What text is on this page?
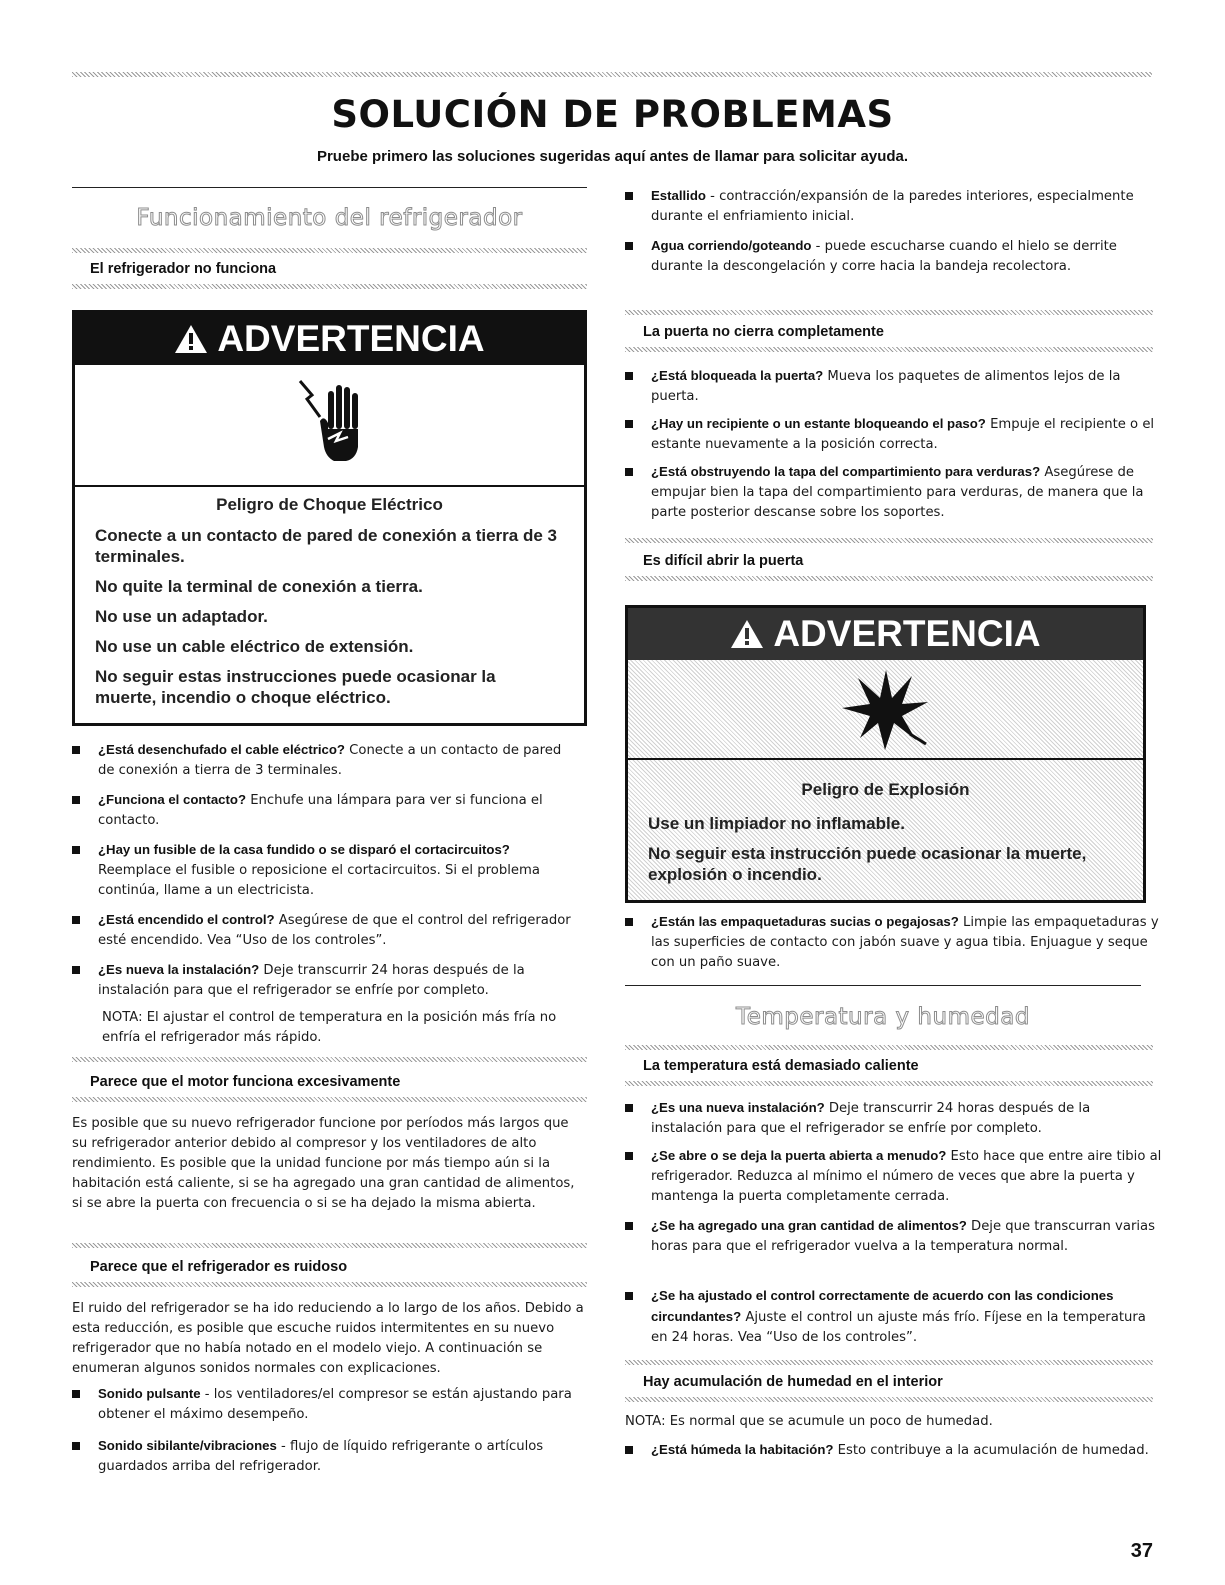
SOLUCIÓN DE PROBLEMAS
Pruebe primero las soluciones sugeridas aquí antes de llamar para solicitar ayuda.
Funcionamiento del refrigerador
El refrigerador no funciona
ADVERTENCIA
Peligro de Choque Eléctrico
Conecte a un contacto de pared de conexión a tierra de 3 terminales.
No quite la terminal de conexión a tierra.
No use un adaptador.
No use un cable eléctrico de extensión.
No seguir estas instrucciones puede ocasionar la muerte, incendio o choque eléctrico.
¿Está desenchufado el cable eléctrico? Conecte a un contacto de pared de conexión a tierra de 3 terminales.
¿Funciona el contacto? Enchufe una lámpara para ver si funciona el contacto.
¿Hay un fusible de la casa fundido o se disparó el cortacircuitos? Reemplace el fusible o reposicione el cortacircuitos. Si el problema continúa, llame a un electricista.
¿Está encendido el control? Asegúrese de que el control del refrigerador esté encendido. Vea “Uso de los controles”.
¿Es nueva la instalación? Deje transcurrir 24 horas después de la instalación para que el refrigerador se enfríe por completo.
NOTA: El ajustar el control de temperatura en la posición más fría no enfría el refrigerador más rápido.
Parece que el motor funciona excesivamente
Es posible que su nuevo refrigerador funcione por períodos más largos que su refrigerador anterior debido al compresor y los ventiladores de alto rendimiento. Es posible que la unidad funcione por más tiempo aún si la habitación está caliente, si se ha agregado una gran cantidad de alimentos, si se abre la puerta con frecuencia o si se ha dejado la misma abierta.
Parece que el refrigerador es ruidoso
El ruido del refrigerador se ha ido reduciendo a lo largo de los años. Debido a esta reducción, es posible que escuche ruidos intermitentes en su nuevo refrigerador que no había notado en el modelo viejo. A continuación se enumeran algunos sonidos normales con explicaciones.
Sonido pulsante - los ventiladores/el compresor se están ajustando para obtener el máximo desempeño.
Sonido sibilante/vibraciones - flujo de líquido refrigerante o artículos guardados arriba del refrigerador.
Estallido - contracción/expansión de la paredes interiores, especialmente durante el enfriamiento inicial.
Agua corriendo/goteando - puede escucharse cuando el hielo se derrite durante la descongelación y corre hacia la bandeja recolectora.
La puerta no cierra completamente
¿Está bloqueada la puerta? Mueva los paquetes de alimentos lejos de la puerta.
¿Hay un recipiente o un estante bloqueando el paso? Empuje el recipiente o el estante nuevamente a la posición correcta.
¿Está obstruyendo la tapa del compartimiento para verduras? Asegúrese de empujar bien la tapa del compartimiento para verduras, de manera que la parte posterior descanse sobre los soportes.
Es difícil abrir la puerta
ADVERTENCIA
Peligro de Explosión
Use un limpiador no inflamable.
No seguir esta instrucción puede ocasionar la muerte, explosión o incendio.
¿Están las empaquetaduras sucias o pegajosas? Limpie las empaquetaduras y las superficies de contacto con jabón suave y agua tibia. Enjuague y seque con un paño suave.
Temperatura y humedad
La temperatura está demasiado caliente
¿Es una nueva instalación? Deje transcurrir 24 horas después de la instalación para que el refrigerador se enfríe por completo.
¿Se abre o se deja la puerta abierta a menudo? Esto hace que entre aire tibio al refrigerador. Reduzca al mínimo el número de veces que abre la puerta y mantenga la puerta completamente cerrada.
¿Se ha agregado una gran cantidad de alimentos? Deje que transcurran varias horas para que el refrigerador vuelva a la temperatura normal.
¿Se ha ajustado el control correctamente de acuerdo con las condiciones circundantes? Ajuste el control un ajuste más frío. Fíjese en la temperatura en 24 horas. Vea “Uso de los controles”.
Hay acumulación de humedad en el interior
NOTA: Es normal que se acumule un poco de humedad.
¿Está húmeda la habitación? Esto contribuye a la acumulación de humedad.
37
